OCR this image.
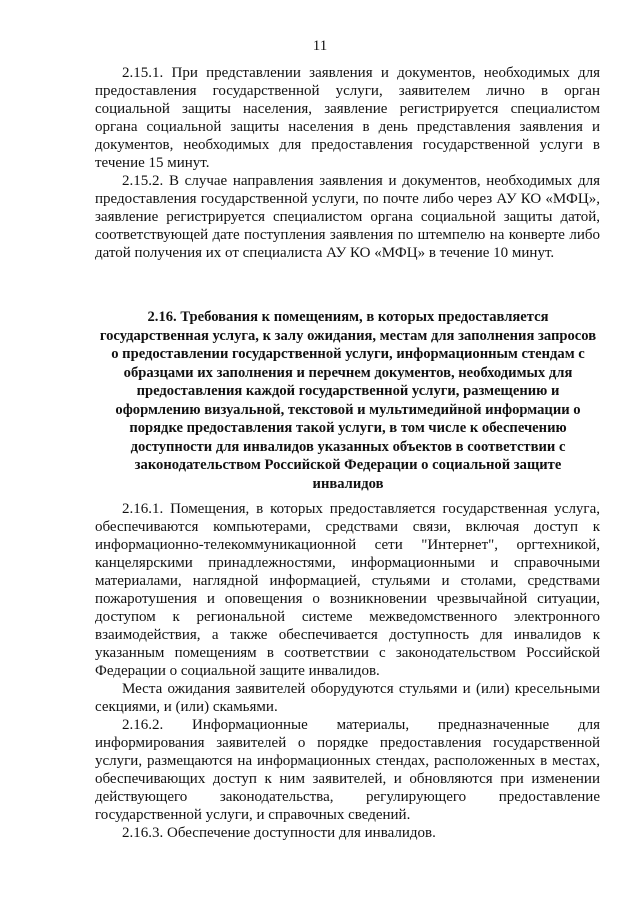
11

2.15.1. При представлении заявления и документов, необходимых для предоставления государственной услуги, заявителем лично в орган социальной защиты населения, заявление регистрируется специалистом органа социальной защиты населения в день представления заявления и документов, необходимых для предоставления государственной услуги в течение 15 минут.

2.15.2. В случае направления заявления и документов, необходимых для предоставления государственной услуги, по почте либо через АУ КО «МФЦ», заявление регистрируется специалистом органа социальной защиты датой, соответствующей дате поступления заявления по штемпелю на конверте либо датой получения их от специалиста АУ КО «МФЦ» в течение 10 минут.

2.16. Требования к помещениям, в которых предоставляется государственная услуга, к залу ожидания, местам для заполнения запросов о предоставлении государственной услуги, информационным стендам с образцами их заполнения и перечнем документов, необходимых для предоставления каждой государственной услуги, размещению и оформлению визуальной, текстовой и мультимедийной информации о порядке предоставления такой услуги, в том числе к обеспечению доступности для инвалидов указанных объектов в соответствии с законодательством Российской Федерации о социальной защите инвалидов

2.16.1. Помещения, в которых предоставляется государственная услуга, обеспечиваются компьютерами, средствами связи, включая доступ к информационно-телекоммуникационной сети "Интернет", оргтехникой, канцелярскими принадлежностями, информационными и справочными материалами, наглядной информацией, стульями и столами, средствами пожаротушения и оповещения о возникновении чрезвычайной ситуации, доступом к региональной системе межведомственного электронного взаимодействия, а также обеспечивается доступность для инвалидов к указанным помещениям в соответствии с законодательством Российской Федерации о социальной защите инвалидов.

Места ожидания заявителей оборудуются стульями и (или) кресельными секциями, и (или) скамьями.

2.16.2. Информационные материалы, предназначенные для информирования заявителей о порядке предоставления государственной услуги, размещаются на информационных стендах, расположенных в местах, обеспечивающих доступ к ним заявителей, и обновляются при изменении действующего законодательства, регулирующего предоставление государственной услуги, и справочных сведений.

2.16.3. Обеспечение доступности для инвалидов.
